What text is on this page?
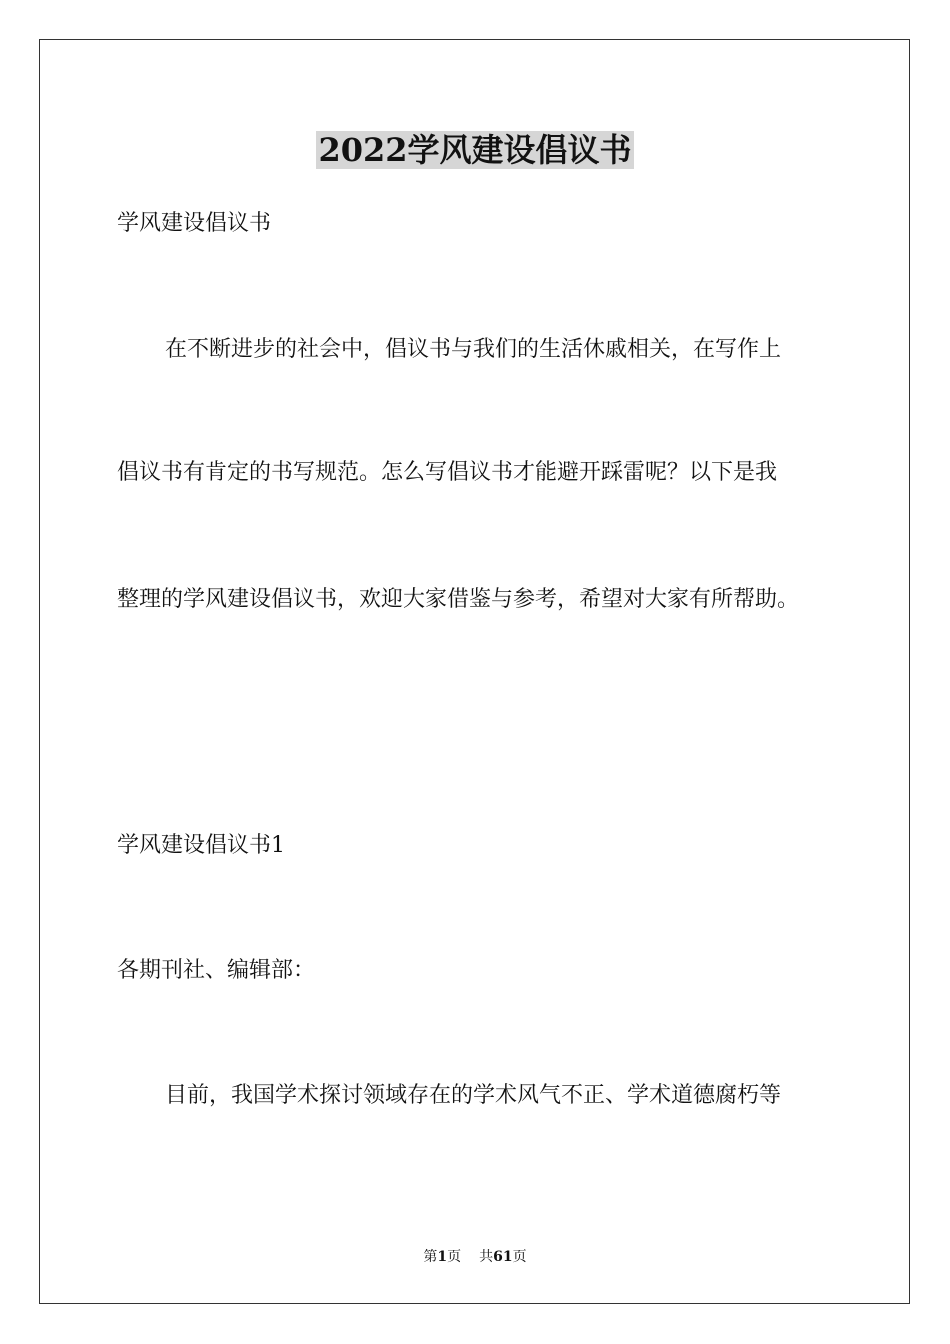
2022学风建设倡议书
学风建设倡议书
在不断进步的社会中，倡议书与我们的生活休戚相关，在写作上
倡议书有肯定的书写规范。怎么写倡议书才能避开踩雷呢？以下是我
整理的学风建设倡议书，欢迎大家借鉴与参考，希望对大家有所帮助。
学风建设倡议书1
各期刊社、编辑部：
目前，我国学术探讨领域存在的学术风气不正、学术道德腐朽等
第1页 共61页
